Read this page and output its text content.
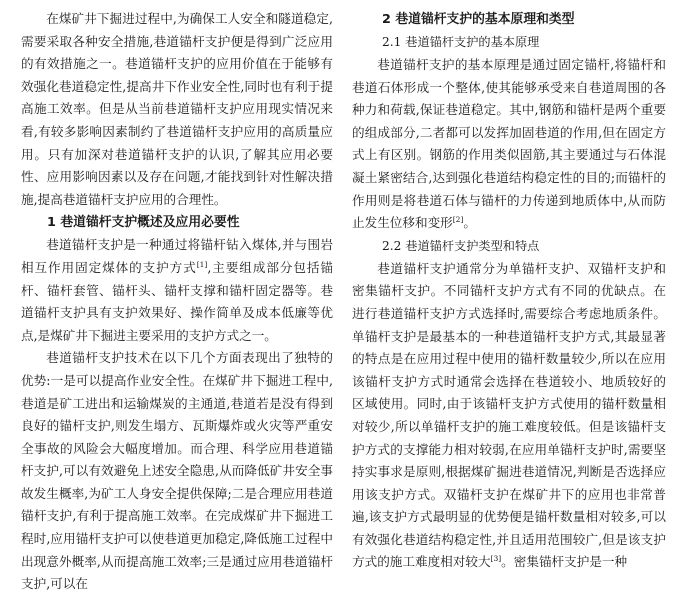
在煤矿井下掘进过程中,为确保工人安全和隧道稳定,需要采取各种安全措施,巷道锚杆支护便是得到广泛应用的有效措施之一。巷道锚杆支护的应用价值在于能够有效强化巷道稳定性,提高井下作业安全性,同时也有利于提高施工效率。但是从当前巷道锚杆支护应用现实情况来看,有较多影响因素制约了巷道锚杆支护应用的高质量应用。只有加深对巷道锚杆支护的认识,了解其应用必要性、应用影响因素以及存在问题,才能找到针对性解决措施,提高巷道锚杆支护应用的合理性。

1 巷道锚杆支护概述及应用必要性

巷道锚杆支护是一种通过将锚杆钻入煤体,并与围岩相互作用固定煤体的支护方式[1],主要组成部分包括锚杆、锚杆套管、锚杆头、锚杆支撑和锚杆固定器等。巷道锚杆支护具有支护效果好、操作简单及成本低廉等优点,是煤矿井下掘进主要采用的支护方式之一。

巷道锚杆支护技术在以下几个方面表现出了独特的优势:一是可以提高作业安全性。在煤矿井下掘进工程中,巷道是矿工进出和运输煤炭的主通道,巷道若是没有得到良好的锚杆支护,则发生塌方、瓦斯爆炸或火灾等严重安全事故的风险会大幅度增加。而合理、科学应用巷道锚杆支护,可以有效避免上述安全隐患,从而降低矿井安全事故发生概率,为矿工人身安全提供保障;二是合理应用巷道锚杆支护,有利于提高施工效率。在完成煤矿井下掘进工程时,应用锚杆支护可以使巷道更加稳定,降低施工过程中出现意外概率,从而提高施工效率;三是通过应用巷道锚杆支护,可以在

2 巷道锚杆支护的基本原理和类型
2.1 巷道锚杆支护的基本原理

巷道锚杆支护的基本原理是通过固定锚杆,将锚杆和巷道石体形成一个整体,使其能够承受来自巷道周围的各种力和荷载,保证巷道稳定。其中,钢筋和锚杆是两个重要的组成部分,二者都可以发挥加固巷道的作用,但在固定方式上有区别。钢筋的作用类似固筋,其主要通过与石体混凝土紧密结合,达到强化巷道结构稳定性的目的;而锚杆的作用则是将巷道石体与锚杆的力传递到地质体中,从而防止发生位移和变形[2]。

2.2 巷道锚杆支护类型和特点

巷道锚杆支护通常分为单锚杆支护、双锚杆支护和密集锚杆支护。不同锚杆支护方式有不同的优缺点。在进行巷道锚杆支护方式选择时,需要综合考虑地质条件。单锚杆支护是最基本的一种巷道锚杆支护方式,其最显著的特点是在应用过程中使用的锚杆数量较少,所以在应用该锚杆支护方式时通常会选择在巷道较小、地质较好的区域使用。同时,由于该锚杆支护方式使用的锚杆数量相对较少,所以单锚杆支护的施工难度较低。但是该锚杆支护方式的支撑能力相对较弱,在应用单锚杆支护时,需要坚持实事求是原则,根据煤矿掘进巷道情况,判断是否选择应用该支护方式。双锚杆支护在煤矿井下的应用也非常普遍,该支护方式最明显的优势便是锚杆数量相对较多,可以有效强化巷道结构稳定性,并且适用范围较广,但是该支护方式的施工难度相对较大[3]。密集锚杆支护是一种
